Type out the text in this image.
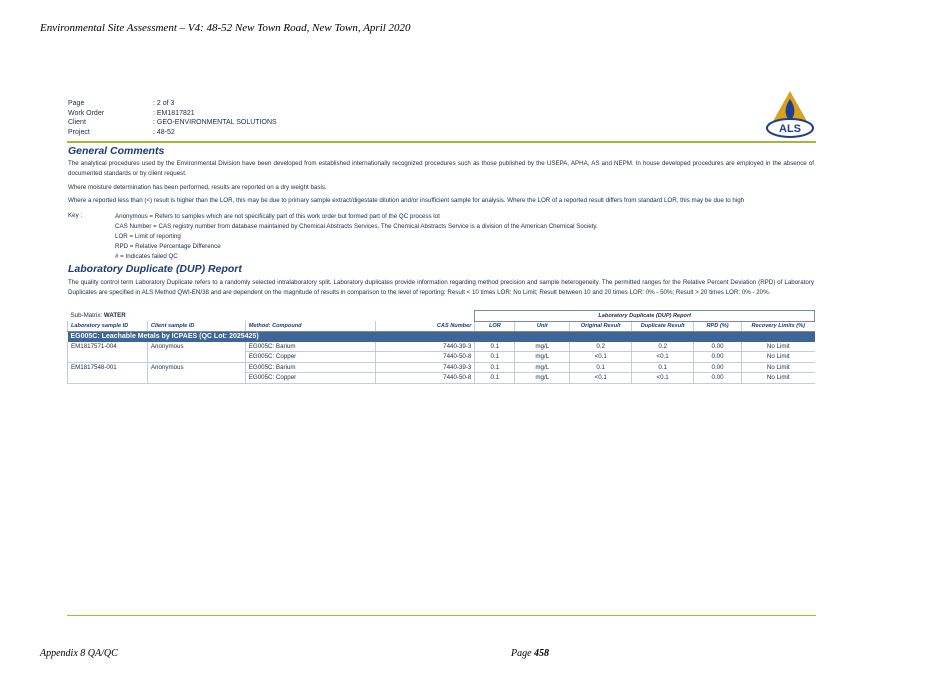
Environmental Site Assessment – V4: 48-52 New Town Road, New Town, April 2020
Page	: 2 of 3
Work Order	: EM1817821
Client	: GEO-ENVIRONMENTAL SOLUTIONS
Project	: 48-52	ALS
General Comments
The analytical procedures used by the Environmental Division have been developed from established internationally recognized procedures such as those published by the USEPA, APHA, AS and NEPM. In house developed procedures are employed in the absence of documented standards or by client request.
Where moisture determination has been performed, results are reported on a dry weight basis.
Where a reported less than (<) result is higher than the LOR, this may be due to primary sample extract/digestate dilution and/or insufficient sample for analysis. Where the LOR of a reported result differs from standard LOR, this may be due to high
Key :	Anonymous = Refers to samples which are not specifically part of this work order but formed part of the QC process lot
CAS Number = CAS registry number from database maintained by Chemical Abstracts Services. The Chemical Abstracts Service is a division of the American Chemical Society.
LOR = Limit of reporting
RPD = Relative Percentage Difference
# = Indicates failed QC
Laboratory Duplicate (DUP) Report
The quality control term Laboratory Duplicate refers to a randomly selected intralaboratory split. Laboratory duplicates provide information regarding method precision and sample heterogeneity. The permitted ranges for the Relative Percent Deviation (RPD) of Laboratory Duplicates are specified in ALS Method QWI-EN/38 and are dependent on the magnitude of results in comparison to the level of reporting: Result < 10 times LOR: No Limit; Result between 10 and 20 times LOR: 0% - 50%; Result > 20 times LOR: 0% - 20%.
Sub-Matrix: WATER				Laboratory Duplicate (DUP) Report					
Laboratory sample ID	Client sample ID	Method: Compound	CAS Number	LOR	Unit	Original Result	Duplicate Result	RPD (%)	Recovery Limits (%)
EG005C: Leachable Metals by ICPAES (QC Lot: 2025425)									
EM1817571-004	Anonymous	EG005C: Barium	7440-39-3	0.1	mg/L	0.2	0.2	0.00	No Limit
		EG005C: Copper	7440-50-8	0.1	mg/L	<0.1	<0.1	0.00	No Limit
EM1817548-001	Anonymous	EG005C: Barium	7440-39-3	0.1	mg/L	0.1	0.1	0.00	No Limit
		EG005C: Copper	7440-50-8	0.1	mg/L	<0.1	<0.1	0.00	No Limit
Appendix 8 QA/QC	Page 458
